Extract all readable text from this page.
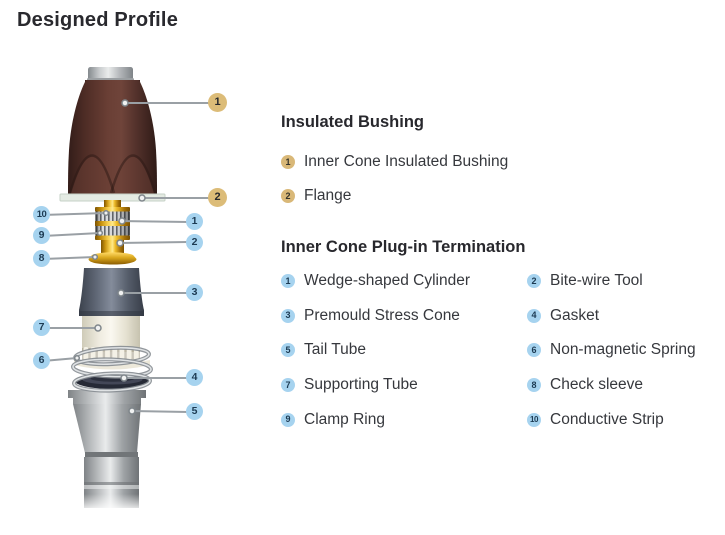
Designed Profile
1
2
10
1
9
2
8
3
7
6
4
5
Insulated Bushing
1 Inner Cone Insulated Bushing
2 Flange
Inner Cone Plug-in Termination
1 Wedge-shaped Cylinder	2 Bite-wire Tool
3 Premould Stress Cone	4 Gasket
5 Tail Tube	6 Non-magnetic Spring
7 Supporting Tube	8 Check sleeve
9 Clamp Ring	10 Conductive Strip
